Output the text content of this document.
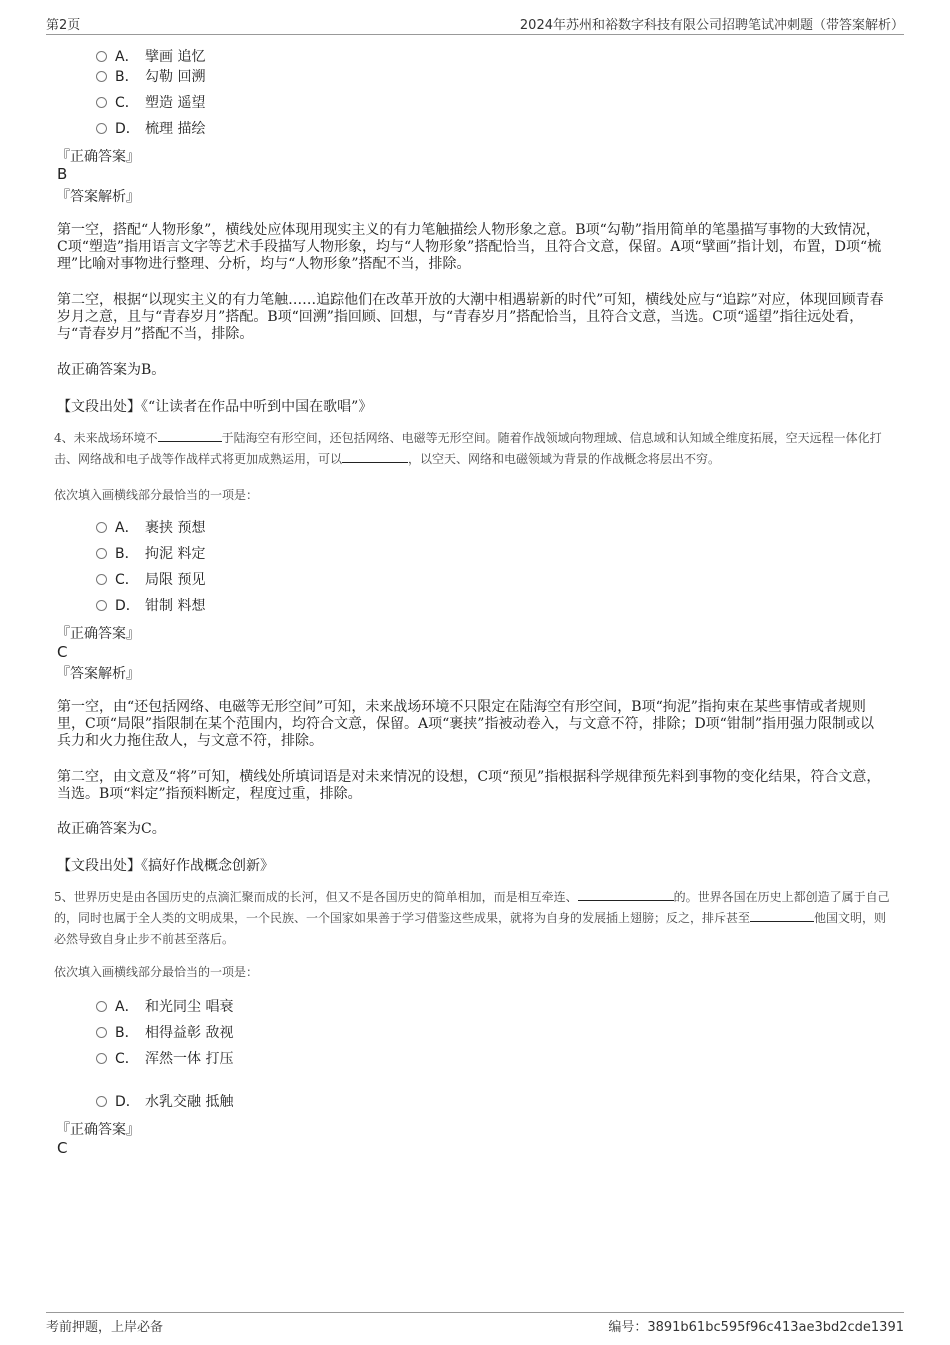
第2页	2024年苏州和裕数字科技有限公司招聘笔试冲刺题（带答案解析）
A． 擘画 追忆
B． 勾勒 回溯
C． 塑造 遥望
D． 梳理 描绘
『正确答案』
B
『答案解析』
第一空，搭配“人物形象”，横线处应体现用现实主义的有力笔触描绘人物形象之意。B项“勾勒”指用简单的笔墨描写事物的大致情况，C项“塑造”指用语言文字等艺术手段描写人物形象，均与“人物形象”搭配恰当，且符合文意，保留。A项“擘画”指计划，布置，D项“梳理”比喻对事物进行整理、分析，均与“人物形象”搭配不当，排除。
第二空，根据“以现实主义的有力笔触……追踪他们在改革开放的大潮中相遇崭新的时代”可知，横线处应与“追踪”对应，体现回顾青春岁月之意，且与“青春岁月”搭配。B项“回溯”指回顾、回想，与“青春岁月”搭配恰当，且符合文意，当选。C项“遥望”指往远处看，与“青春岁月”搭配不当，排除。
故正确答案为B。
【文段出处】《“让读者在作品中听到中国在歌唱”》
4、未来战场环境不	于陆海空有形空间，还包括网络、电磁等无形空间。随着作战领域向物理域、信息域和认知域全维度拓展，空天远程一体化打击、网络战和电子战等作战样式将更加成熟运用，可以	，以空天、网络和电磁领域为背景的作战概念将层出不穷。
依次填入画横线部分最恰当的一项是：
A． 裹挟 预想
B． 拘泥 料定
C． 局限 预见
D． 钳制 料想
『正确答案』
C
『答案解析』
第一空，由“还包括网络、电磁等无形空间”可知，未来战场环境不只限定在陆海空有形空间，B项“拘泥”指拘束在某些事情或者规则里，C项“局限”指限制在某个范围内，均符合文意，保留。A项“裹挟”指被动卷入，与文意不符，排除；D项“钳制”指用强力限制或以兵力和火力拖住敌人，与文意不符，排除。
第二空，由文意及“将”可知，横线处所填词语是对未来情况的设想，C项“预见”指根据科学规律预先料到事物的变化结果，符合文意，当选。B项“料定”指预料断定，程度过重，排除。
故正确答案为C。
【文段出处】《搞好作战概念创新》
5、世界历史是由各国历史的点滴汇聚而成的长河，但又不是各国历史的简单相加，而是相互牵连、	的。世界各国在历史上都创造了属于自己的，同时也属于全人类的文明成果，一个民族、一个国家如果善于学习借鉴这些成果，就将为自身的发展插上翅膀；反之，排斥甚至	他国文明，则必然导致自身止步不前甚至落后。
依次填入画横线部分最恰当的一项是：
A． 和光同尘 唱衰
B． 相得益彰 敌视
C． 浑然一体 打压
D． 水乳交融 抵触
『正确答案』
C
考前押题，上岸必备	编号：3891b61bc595f96c413ae3bd2cde1391
